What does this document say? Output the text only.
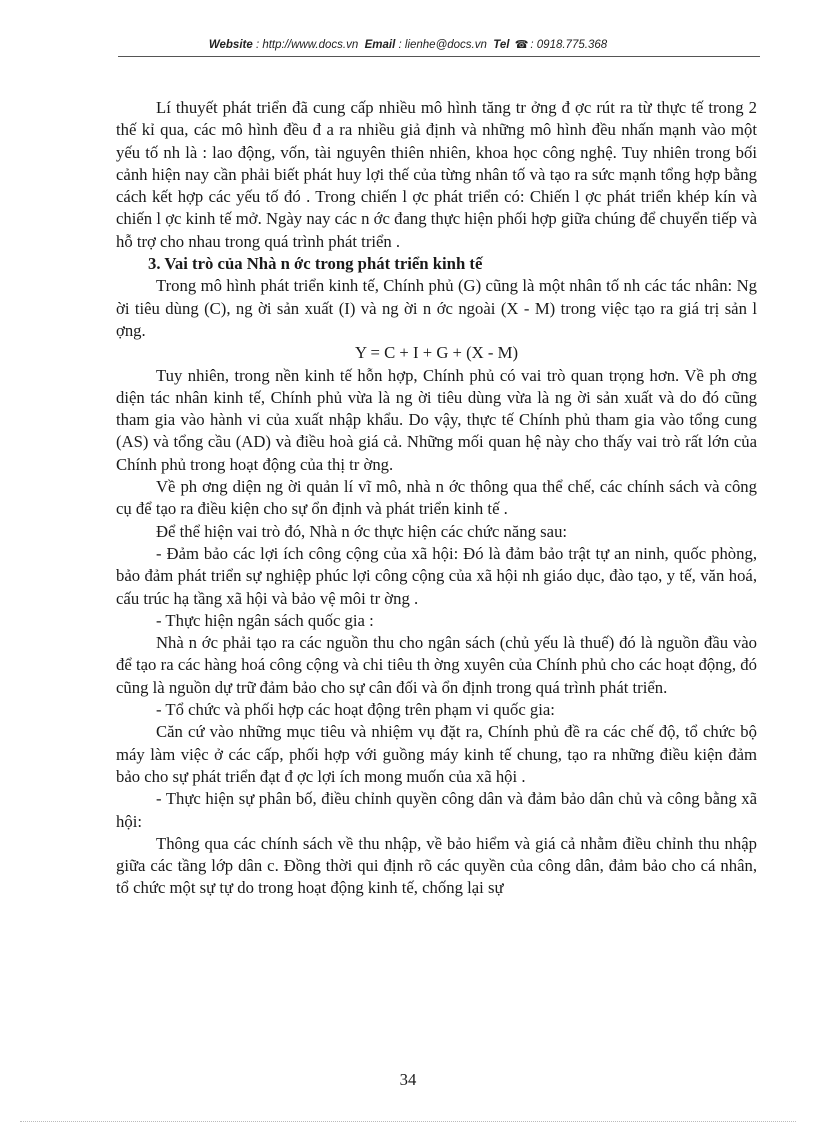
Website : http://www.docs.vn Email : lienhe@docs.vn Tel ☎ : 0918.775.368

Lí thuyết phát triển đã cung cấp nhiều mô hình tăng tr ởng đ ợc rút ra từ thực tế trong 2 thế kỉ qua, các mô hình đều đ a ra nhiều giả định và những mô hình đều nhấn mạnh vào một yếu tố nh là : lao động, vốn, tài nguyên thiên nhiên, khoa học công nghệ. Tuy nhiên trong bối cảnh hiện nay cần phải biết phát huy lợi thế của từng nhân tố và tạo ra sức mạnh tổng hợp bằng cách kết hợp các yếu tố đó . Trong chiến l ợc phát triển có: Chiến l ợc phát triển khép kín và chiến l ợc kinh tế mở. Ngày nay các n ớc đang thực hiện phối hợp giữa chúng để chuyển tiếp và hỗ trợ cho nhau trong quá trình phát triển .

3. Vai trò của Nhà n ớc trong phát triển kinh tế

Trong mô hình phát triển kinh tế, Chính phủ (G) cũng là một nhân tố nh các tác nhân: Ng ời tiêu dùng (C), ng ời sản xuất (I) và ng ời n ớc ngoài (X - M) trong việc tạo ra giá trị sản l ợng.

Y = C + I + G + (X - M)

Tuy nhiên, trong nền kinh tế hỗn hợp, Chính phủ có vai trò quan trọng hơn. Về ph ơng diện tác nhân kinh tế, Chính phủ vừa là ng ời tiêu dùng vừa là ng ời sản xuất và do đó cũng tham gia vào hành vi của xuất nhập khẩu. Do vậy, thực tế Chính phủ tham gia vào tổng cung (AS) và tổng cầu (AD) và điều hoà giá cả. Những mối quan hệ này cho thấy vai trò rất lớn của Chính phủ trong hoạt động của thị tr ờng.

Về ph ơng diện ng ời quản lí vĩ mô, nhà n ớc thông qua thể chế, các chính sách và công cụ để tạo ra điều kiện cho sự ổn định và phát triển kinh tế .

Để thể hiện vai trò đó, Nhà n ớc thực hiện các chức năng sau:

- Đảm bảo các lợi ích công cộng của xã hội: Đó là đảm bảo trật tự an ninh, quốc phòng, bảo đảm phát triển sự nghiệp phúc lợi công cộng của xã hội nh giáo dục, đào tạo, y tế, văn hoá, cấu trúc hạ tầng xã hội và bảo vệ môi tr ờng .

- Thực hiện ngân sách quốc gia :

Nhà n ớc phải tạo ra các nguồn thu cho ngân sách (chủ yếu là thuế) đó là nguồn đầu vào để tạo ra các hàng hoá công cộng và chi tiêu th ờng xuyên của Chính phủ cho các hoạt động, đó cũng là nguồn dự trữ đảm bảo cho sự cân đối và ổn định trong quá trình phát triển.

- Tổ chức và phối hợp các hoạt động trên phạm vi quốc gia:

Căn cứ vào những mục tiêu và nhiệm vụ đặt ra, Chính phủ đề ra các chế độ, tổ chức bộ máy làm việc ở các cấp, phối hợp với guồng máy kinh tế chung, tạo ra những điều kiện đảm bảo cho sự phát triển đạt đ ợc lợi ích mong muốn của xã hội .

- Thực hiện sự phân bố, điều chỉnh quyền công dân và đảm bảo dân chủ và công bằng xã hội:

Thông qua các chính sách về thu nhập, về bảo hiểm và giá cả nhằm điều chỉnh thu nhập giữa các tầng lớp dân c. Đồng thời qui định rõ các quyền của công dân, đảm bảo cho cá nhân, tổ chức một sự tự do trong hoạt động kinh tế, chống lại sự

34
